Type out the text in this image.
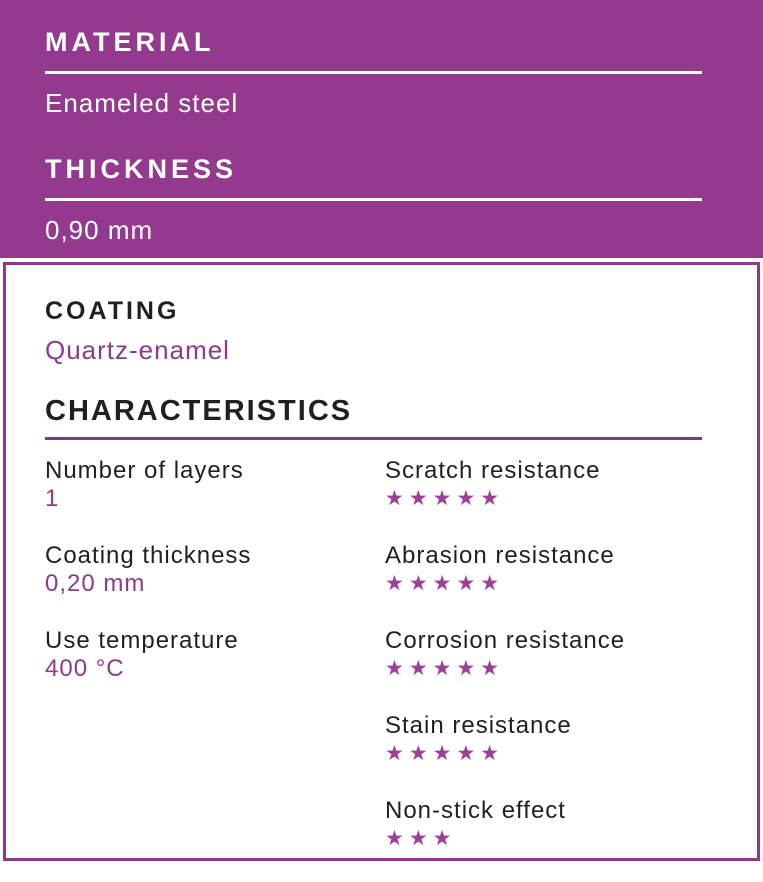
MATERIAL
Enameled steel
THICKNESS
0,90 mm
COATING
Quartz-enamel
CHARACTERISTICS
Number of layers
1
Coating thickness
0,20 mm
Use temperature
400 °C
Scratch resistance
★★★★★
Abrasion resistance
★★★★★
Corrosion resistance
★★★★★
Stain resistance
★★★★★
Non-stick effect
★★★
